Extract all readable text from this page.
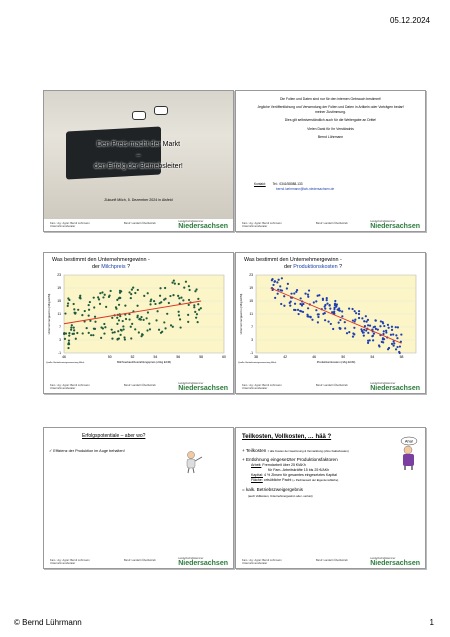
05.12.2024
Den Preis macht der Markt
–
den Erfolg der Betriebsleiter!
Zukunft Milch, 5. Dezember 2024 in Alsfeld
Kam.: Ag.: Agrar: Bernd Lührmann Unternehmensberater
Beruf: Landwirt Überbetrieb
Landwirtschaftskammer
Niedersachsen

Die Folien und Daten sind nur für den internen Gebrauch bestimmt!

Jegliche Veröffentlichung und Verwendung der Folien und Daten in Artikeln oder Vorträgen bedarf meiner Zustimmung.

Dies gilt selbstverständlich auch für die Weitergabe an Dritte!

Vielen Dank für Ihr Verständnis

Bernd Lührmann

Kontakt: Tel.: 0341/58088-133
bernd.luehrmann@lwk-niedersachsen.de
Kam.: Ag.: Agrar: Bernd Lührmann Unternehmensberater
Beruf: Landwirt Überbetrieb
Landwirtschaftskammer
Niedersachsen
Was bestimmt den Unternehmergewinn -
der Milchpreis ?
23
19
15
11
7
3
-1
46	50	52	54	56	58	60
Milchverkauf/Auszahlungspreis (ct/kg ECM)
Unternehmergewinn (ct/kg ECM)
Quelle: Betriebszweigauswertung Milch
Kam.: Ag.: Agrar: Bernd Lührmann Unternehmensberater
Beruf: Landwirt Überbetrieb
Landwirtschaftskammer
Niedersachsen
Was bestimmt den Unternehmergewinn -
der Produktionskosten ?
23
19
15
11
7
3
-1
38	42	46	50	54	58
Produktionskosten (ct/kg ECM)
Unternehmergewinn (ct/kg ECM)
Quelle: Betriebszweigauswertung Milch
Kam.: Ag.: Agrar: Bernd Lührmann Unternehmensberater
Beruf: Landwirt Überbetrieb
Landwirtschaftskammer
Niedersachsen
Erfolgspotentiale – aber wo?
✓ Effizienz der Produktion im Auge behalten!
Kam.: Ag.: Agrar: Bernd Lührmann Unternehmensberater
Beruf: Landwirt Überbetrieb
Landwirtschaftskammer
Niedersachsen
Teilkosten, Vollkosten, … hää ?
Aha!
+ Teilkosten = alle Kosten der Gewinnung & Vermarktung (ohne Faktorkosten)
+ Entlohnung eingesetzter Produktionsfaktoren
Arbeit: Fremdarbeit über 25 €/AKh
für Fam.-Arbeitskräfte 15 bis 25 €/AKh
Kapital: 4 % Zinsen für gesamtes eingesetztes Kapital
Fläche: ortsübliche Pacht (+ Pachtansatz der Eigentumsfläche)
= kalk. Betriebszweigergebnis
(auch Vollkosten, Unternehmergewinn oder -verlust)
Kam.: Ag.: Agrar: Bernd Lührmann Unternehmensberater
Beruf: Landwirt Überbetrieb
Landwirtschaftskammer
Niedersachsen
© Bernd Lührmann	1
